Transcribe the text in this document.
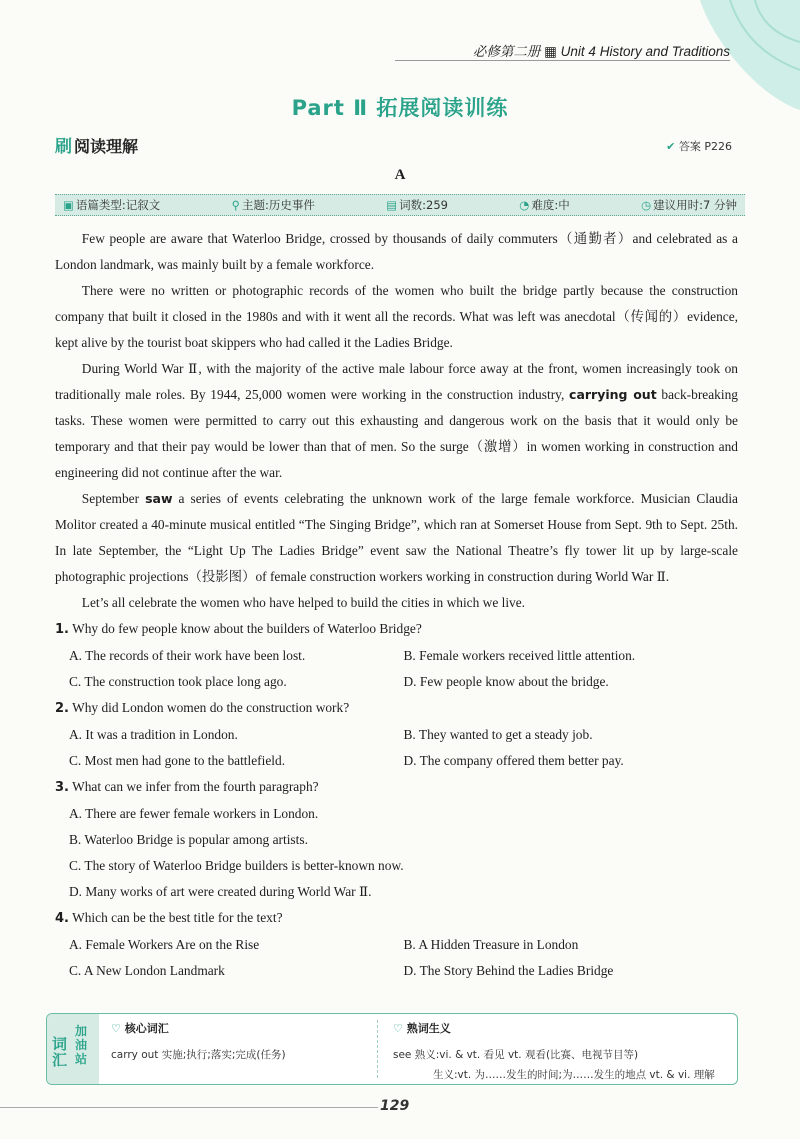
必修第二册 ▦ Unit 4 History and Traditions
Part Ⅱ 拓展阅读训练
刷 阅读理解	✔ 答案 P226
A
▣ 语篇类型:记叙文	⚲ 主题:历史事件	▤ 词数:259	◔ 难度:中	◷ 建议用时:7 分钟

Few people are aware that Waterloo Bridge, crossed by thousands of daily commuters（通勤者）and celebrated as a London landmark, was mainly built by a female workforce.

There were no written or photographic records of the women who built the bridge partly because the construction company that built it closed in the 1980s and with it went all the records. What was left was anecdotal（传闻的）evidence, kept alive by the tourist boat skippers who had called it the Ladies Bridge.

During World War Ⅱ, with the majority of the active male labour force away at the front, women increasingly took on traditionally male roles. By 1944, 25,000 women were working in the construction industry, carrying out back-breaking tasks. These women were permitted to carry out this exhausting and dangerous work on the basis that it would only be temporary and that their pay would be lower than that of men. So the surge（激增）in women working in construction and engineering did not continue after the war.

September saw a series of events celebrating the unknown work of the large female workforce. Musician Claudia Molitor created a 40-minute musical entitled “The Singing Bridge”, which ran at Somerset House from Sept. 9th to Sept. 25th. In late September, the “Light Up The Ladies Bridge” event saw the National Theatre’s fly tower lit up by large-scale photographic projections（投影图）of female construction workers working in construction during World War Ⅱ.

Let’s all celebrate the women who have helped to build the cities in which we live.

1. Why do few people know about the builders of Waterloo Bridge?
A. The records of their work have been lost.	B. Female workers received little attention.
C. The construction took place long ago.	D. Few people know about the bridge.
2. Why did London women do the construction work?
A. It was a tradition in London.	B. They wanted to get a steady job.
C. Most men had gone to the battlefield.	D. The company offered them better pay.
3. What can we infer from the fourth paragraph?
A. There are fewer female workers in London.
B. Waterloo Bridge is popular among artists.
C. The story of Waterloo Bridge builders is better-known now.
D. Many works of art were created during World War Ⅱ.
4. Which can be the best title for the text?
A. Female Workers Are on the Rise	B. A Hidden Treasure in London
C. A New London Landmark	D. The Story Behind the Ladies Bridge
词汇
加油站
♡ 核心词汇
carry out 实施;执行;落实;完成(任务)
♡ 熟词生义
see 熟义:vi. & vt. 看见 vt. 观看(比赛、电视节目等)
生义:vt. 为……发生的时间;为……发生的地点 vt. & vi. 理解
129
